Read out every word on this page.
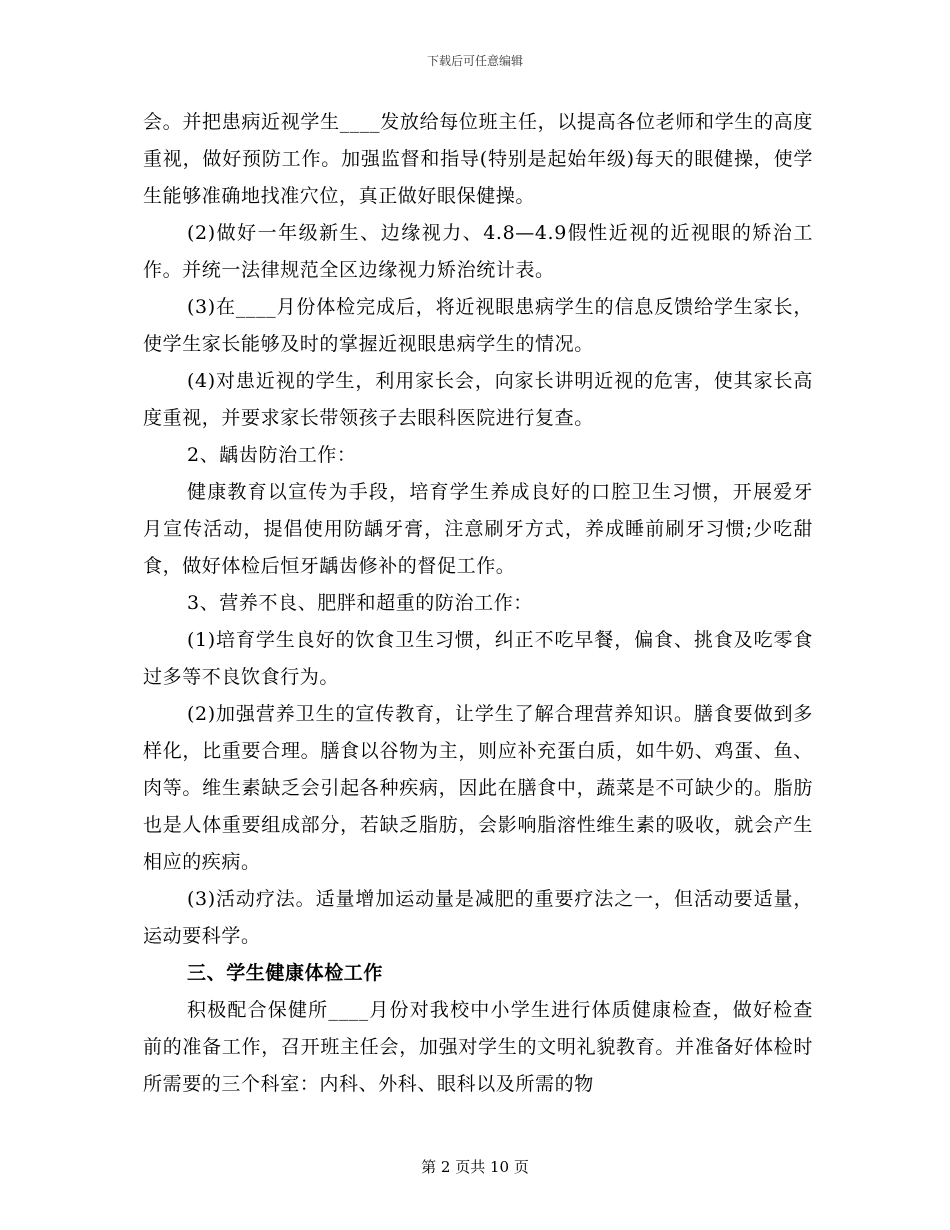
下载后可任意编辑

会。并把患病近视学生____发放给每位班主任，以提高各位老师和学生的高度重视，做好预防工作。加强监督和指导(特别是起始年级)每天的眼健操，使学生能够准确地找准穴位，真正做好眼保健操。

(2)做好一年级新生、边缘视力、4.8—4.9假性近视的近视眼的矫治工作。并统一法律规范全区边缘视力矫治统计表。

(3)在____月份体检完成后，将近视眼患病学生的信息反馈给学生家长，使学生家长能够及时的掌握近视眼患病学生的情况。

(4)对患近视的学生，利用家长会，向家长讲明近视的危害，使其家长高度重视，并要求家长带领孩子去眼科医院进行复查。

2、龋齿防治工作：

健康教育以宣传为手段，培育学生养成良好的口腔卫生习惯，开展爱牙月宣传活动，提倡使用防龋牙膏，注意刷牙方式，养成睡前刷牙习惯;少吃甜食，做好体检后恒牙龋齿修补的督促工作。

3、营养不良、肥胖和超重的防治工作：

(1)培育学生良好的饮食卫生习惯，纠正不吃早餐，偏食、挑食及吃零食过多等不良饮食行为。

(2)加强营养卫生的宣传教育，让学生了解合理营养知识。膳食要做到多样化，比重要合理。膳食以谷物为主，则应补充蛋白质，如牛奶、鸡蛋、鱼、肉等。维生素缺乏会引起各种疾病，因此在膳食中，蔬菜是不可缺少的。脂肪也是人体重要组成部分，若缺乏脂肪，会影响脂溶性维生素的吸收，就会产生相应的疾病。

(3)活动疗法。适量增加运动量是减肥的重要疗法之一，但活动要适量，运动要科学。

三、学生健康体检工作

积极配合保健所____月份对我校中小学生进行体质健康检查，做好检查前的准备工作，召开班主任会，加强对学生的文明礼貌教育。并准备好体检时所需要的三个科室：内科、外科、眼科以及所需的物

第 2 页共 10 页
